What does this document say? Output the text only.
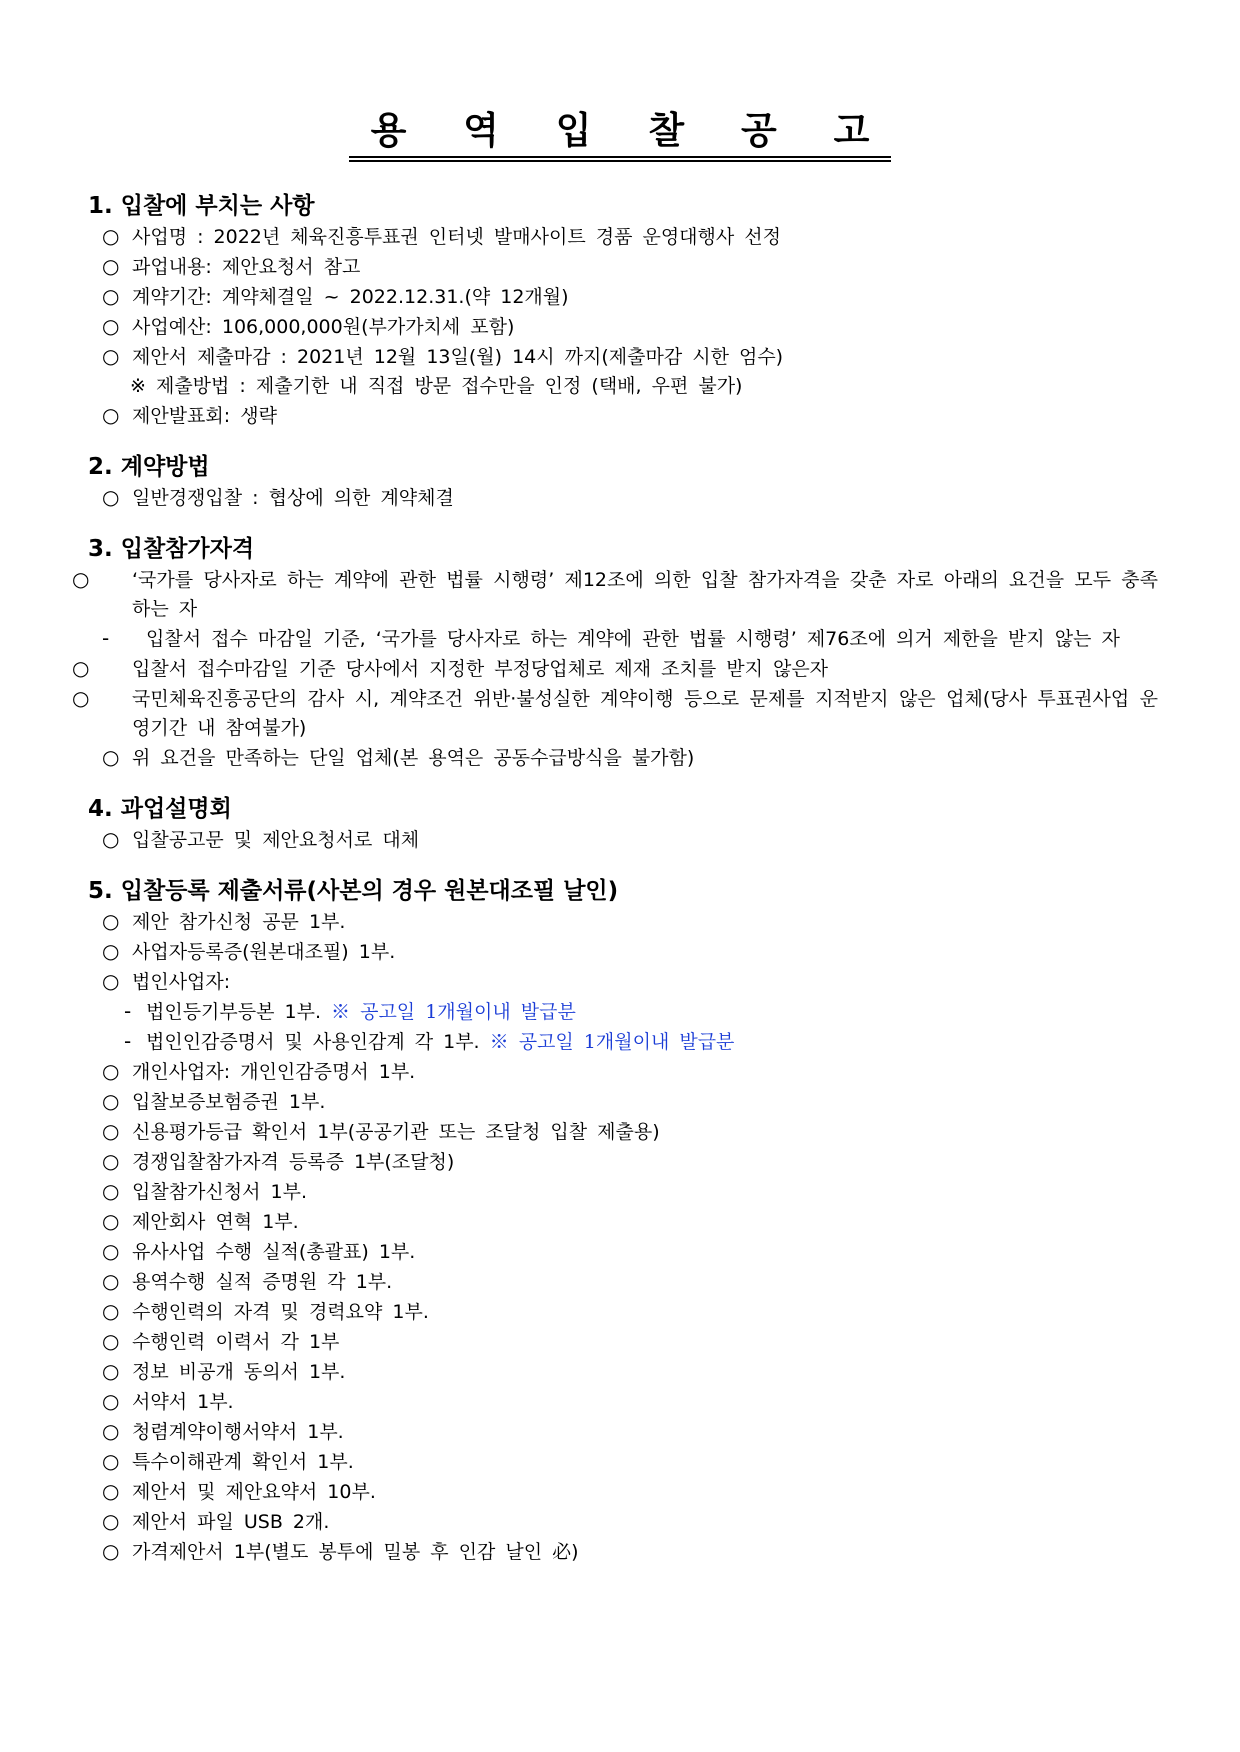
용 역 입 찰 공 고
1. 입찰에 부치는 사항
○ 사업명 : 2022년 체육진흥투표권 인터넷 발매사이트 경품 운영대행사 선정
○ 과업내용: 제안요청서 참고
○ 계약기간: 계약체결일 ~ 2022.12.31.(약 12개월)
○ 사업예산: 106,000,000원(부가가치세 포함)
○ 제안서 제출마감 : 2021년 12월 13일(월) 14시 까지(제출마감 시한 엄수)
※ 제출방법 : 제출기한 내 직접 방문 접수만을 인정 (택배, 우편 불가)
○ 제안발표회: 생략
2. 계약방법
○ 일반경쟁입찰 : 협상에 의한 계약체결
3. 입찰참가자격
○ ‘국가를 당사자로 하는 계약에 관한 법률 시행령’ 제12조에 의한 입찰 참가자격을 갖춘 자로 아래의 요건을 모두 충족하는 자
- 입찰서 접수 마감일 기준, ‘국가를 당사자로 하는 계약에 관한 법률 시행령’ 제76조에 의거 제한을 받지 않는 자
○ 입찰서 접수마감일 기준 당사에서 지정한 부정당업체로 제재 조치를 받지 않은자
○ 국민체육진흥공단의 감사 시, 계약조건 위반·불성실한 계약이행 등으로 문제를 지적받지 않은 업체(당사 투표권사업 운영기간 내 참여불가)
○ 위 요건을 만족하는 단일 업체(본 용역은 공동수급방식을 불가함)
4. 과업설명회
○ 입찰공고문 및 제안요청서로 대체
5. 입찰등록 제출서류(사본의 경우 원본대조필 날인)
○ 제안 참가신청 공문 1부.
○ 사업자등록증(원본대조필) 1부.
○ 법인사업자:
- 법인등기부등본 1부. ※ 공고일 1개월이내 발급분
- 법인인감증명서 및 사용인감계 각 1부. ※ 공고일 1개월이내 발급분
○ 개인사업자: 개인인감증명서 1부.
○ 입찰보증보험증권 1부.
○ 신용평가등급 확인서 1부(공공기관 또는 조달청 입찰 제출용)
○ 경쟁입찰참가자격 등록증 1부(조달청)
○ 입찰참가신청서 1부.
○ 제안회사 연혁 1부.
○ 유사사업 수행 실적(총괄표) 1부.
○ 용역수행 실적 증명원 각 1부.
○ 수행인력의 자격 및 경력요약 1부.
○ 수행인력 이력서 각 1부
○ 정보 비공개 동의서 1부.
○ 서약서 1부.
○ 청렴계약이행서약서 1부.
○ 특수이해관계 확인서 1부.
○ 제안서 및 제안요약서 10부.
○ 제안서 파일 USB 2개.
○ 가격제안서 1부(별도 봉투에 밀봉 후 인감 날인 必)
